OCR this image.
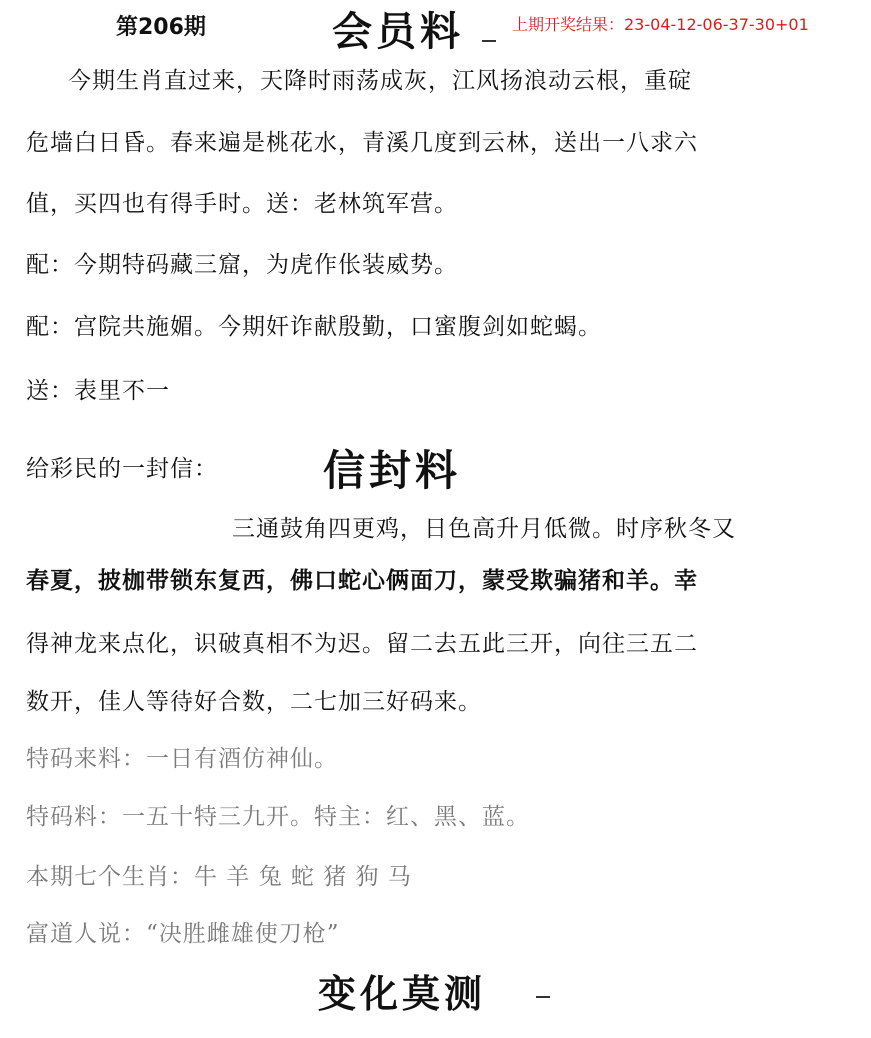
第206期	会员料	上期开奖结果：23-04-12-06-37-30+01
今期生肖直过来，天降时雨荡成灰，江风扬浪动云根，重碇
危墙白日昏。春来遍是桃花水，青溪几度到云林，送出一八求六
值，买四也有得手时。送：老林筑军营。
配：今期特码藏三窟，为虎作伥装威势。
配：宫院共施媚。今期奸诈献殷勤，口蜜腹剑如蛇蝎。
送：表里不一
给彩民的一封信：	信封料
三通鼓角四更鸡，日色高升月低微。时序秋冬又
春夏，披枷带锁东复西，佛口蛇心俩面刀，蒙受欺骗猪和羊。幸
得神龙来点化，识破真相不为迟。留二去五此三开，向往三五二
数开，佳人等待好合数，二七加三好码来。
特码来料：一日有酒仿神仙。
特码料：一五十特三九开。特主：红、黑、蓝。
本期七个生肖：牛 羊 兔 蛇 猪 狗 马
富道人说：“决胜雌雄使刀枪”
变化莫测
